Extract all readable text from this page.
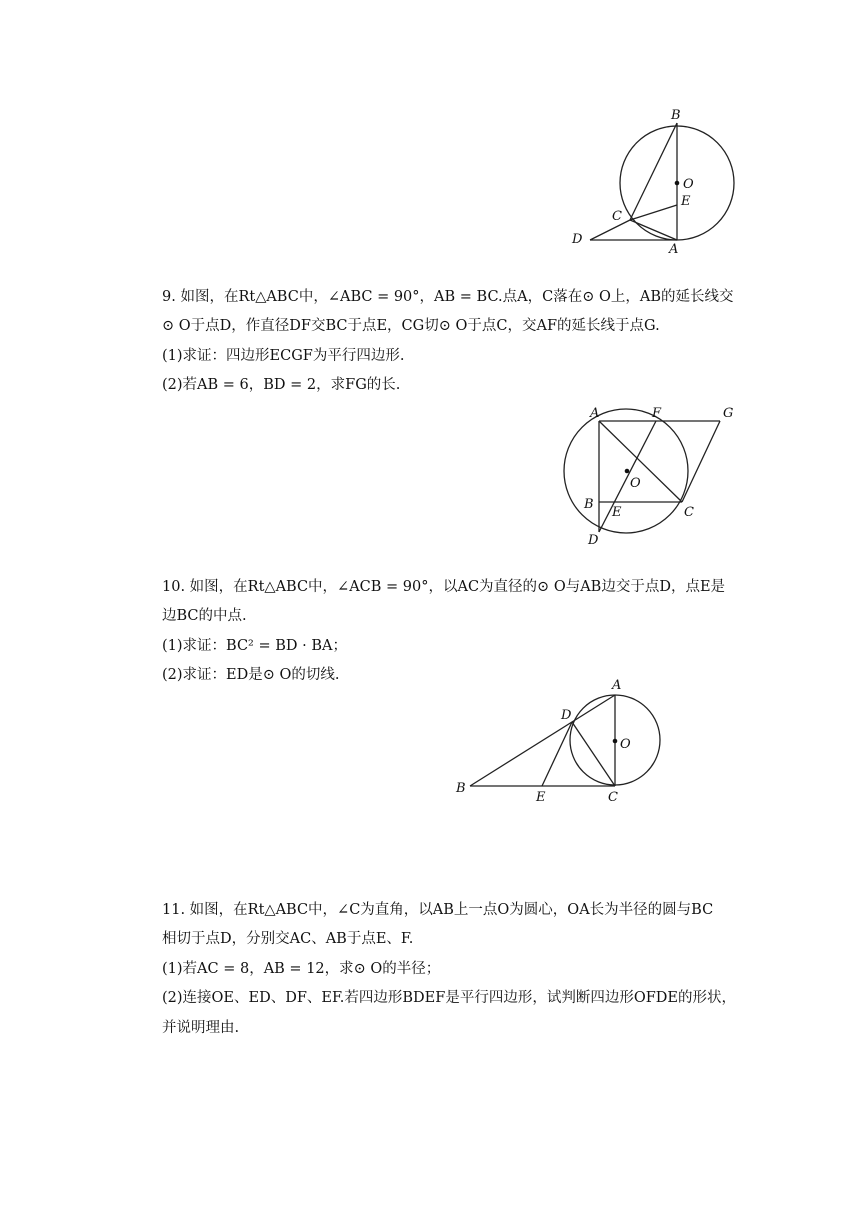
B
O
E
C
D
A
9. 如图，在Rt△ABC中，∠ABC = 90°，AB = BC.点A，C落在⊙ O上，AB的延长线交
⊙ O于点D，作直径DF交BC于点E，CG切⊙ O于点C，交AF的延长线于点G.
(1)求证：四边形ECGF为平行四边形.
(2)若AB = 6，BD = 2，求FG的长.
A	F	G
O
B
E	C
D
10. 如图，在Rt△ABC中，∠ACB = 90°，以AC为直径的⊙ O与AB边交于点D，点E是
边BC的中点.
(1)求证：BC² = BD · BA；
(2)求证：ED是⊙ O的切线.
A
D
O
B
E	C
11. 如图，在Rt△ABC中，∠C为直角，以AB上一点O为圆心，OA长为半径的圆与BC
相切于点D，分别交AC、AB于点E、F.
(1)若AC = 8，AB = 12，求⊙ O的半径；
(2)连接OE、ED、DF、EF.若四边形BDEF是平行四边形，试判断四边形OFDE的形状，
并说明理由.
